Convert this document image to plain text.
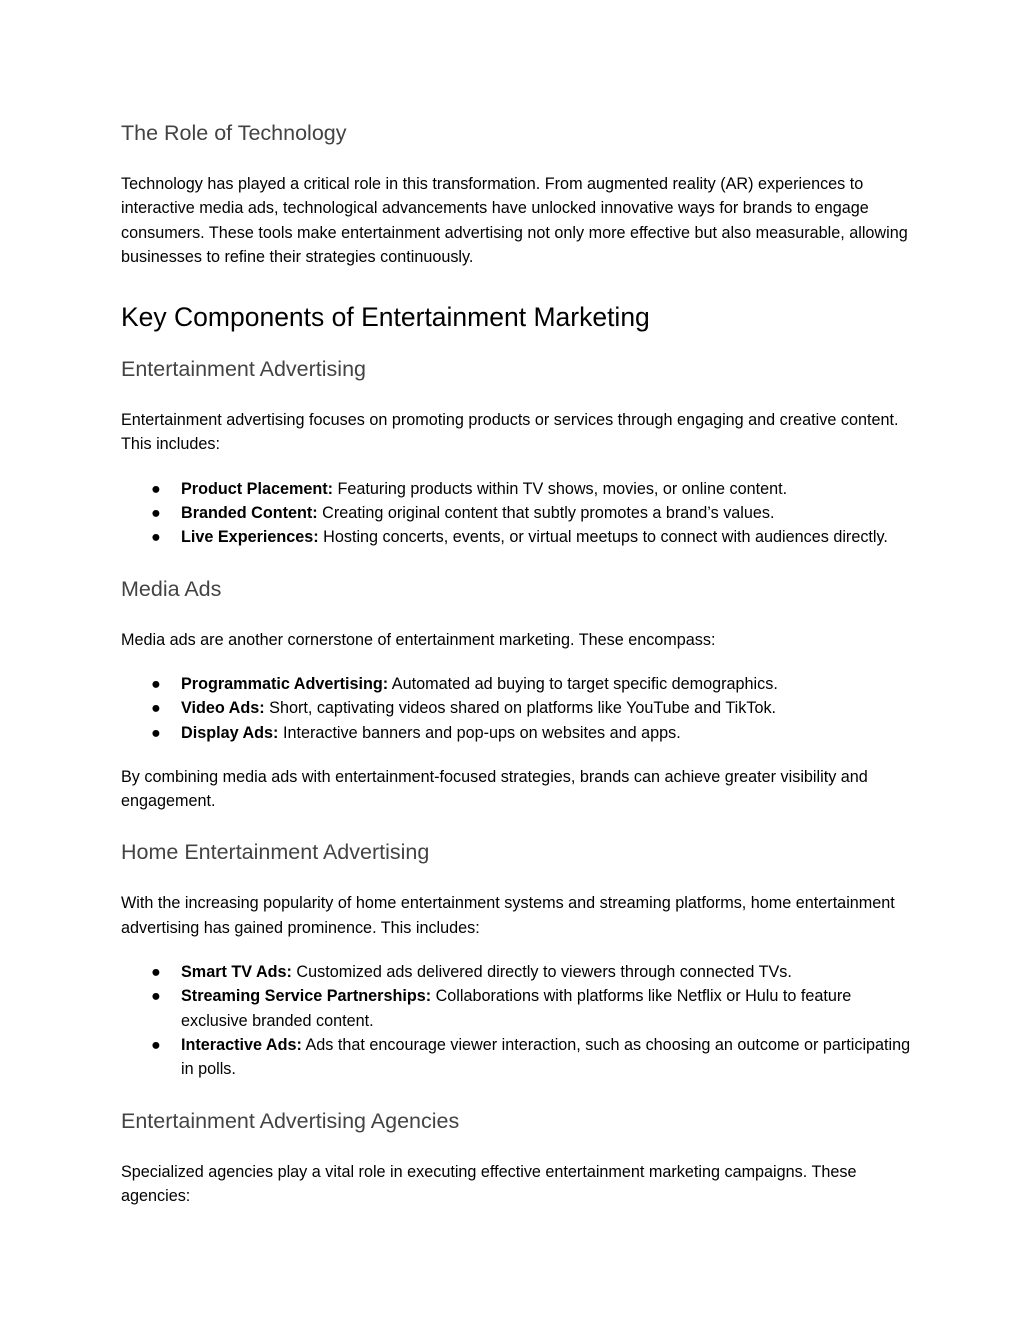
The Role of Technology

Technology has played a critical role in this transformation. From augmented reality (AR) experiences to interactive media ads, technological advancements have unlocked innovative ways for brands to engage consumers. These tools make entertainment advertising not only more effective but also measurable, allowing businesses to refine their strategies continuously.

Key Components of Entertainment Marketing
Entertainment Advertising

Entertainment advertising focuses on promoting products or services through engaging and creative content. This includes:

● Product Placement: Featuring products within TV shows, movies, or online content.
● Branded Content: Creating original content that subtly promotes a brand’s values.
● Live Experiences: Hosting concerts, events, or virtual meetups to connect with audiences directly.
Media Ads

Media ads are another cornerstone of entertainment marketing. These encompass:

● Programmatic Advertising: Automated ad buying to target specific demographics.
● Video Ads: Short, captivating videos shared on platforms like YouTube and TikTok.
● Display Ads: Interactive banners and pop-ups on websites and apps.

By combining media ads with entertainment-focused strategies, brands can achieve greater visibility and engagement.

Home Entertainment Advertising

With the increasing popularity of home entertainment systems and streaming platforms, home entertainment advertising has gained prominence. This includes:

● Smart TV Ads: Customized ads delivered directly to viewers through connected TVs.
● Streaming Service Partnerships: Collaborations with platforms like Netflix or Hulu to feature exclusive branded content.
● Interactive Ads: Ads that encourage viewer interaction, such as choosing an outcome or participating in polls.
Entertainment Advertising Agencies

Specialized agencies play a vital role in executing effective entertainment marketing campaigns. These agencies:
